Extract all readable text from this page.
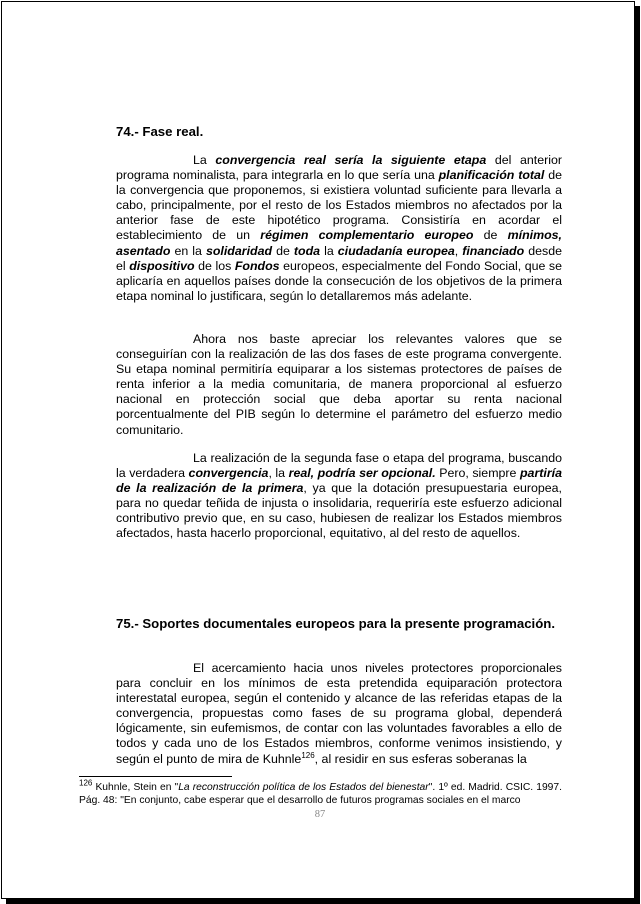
74.- Fase real.
La convergencia real sería la siguiente etapa del anterior programa nominalista, para integrarla en lo que sería una planificación total de la convergencia que proponemos, si existiera voluntad suficiente para llevarla a cabo, principalmente, por el resto de los Estados miembros no afectados por la anterior fase de este hipotético programa. Consistiría en acordar el establecimiento de un régimen complementario europeo de mínimos, asentado en la solidaridad de toda la ciudadanía europea, financiado desde el dispositivo de los Fondos europeos, especialmente del Fondo Social, que se aplicaría en aquellos países donde la consecución de los objetivos de la primera etapa nominal lo justificara, según lo detallaremos más adelante.
Ahora nos baste apreciar los relevantes valores que se conseguirían con la realización de las dos fases de este programa convergente. Su etapa nominal permitiría equiparar a los sistemas protectores de países de renta inferior a la media comunitaria, de manera proporcional al esfuerzo nacional en protección social que deba aportar su renta nacional porcentualmente del PIB según lo determine el parámetro del esfuerzo medio comunitario.
La realización de la segunda fase o etapa del programa, buscando la verdadera convergencia, la real, podría ser opcional. Pero, siempre partiría de la realización de la primera, ya que la dotación presupuestaria europea, para no quedar teñida de injusta o insolidaria, requeriría este esfuerzo adicional contributivo previo que, en su caso, hubiesen de realizar los Estados miembros afectados, hasta hacerlo proporcional, equitativo, al del resto de aquellos.
75.- Soportes documentales europeos para la presente programación.
El acercamiento hacia unos niveles protectores proporcionales para concluir en los mínimos de esta pretendida equiparación protectora interestatal europea, según el contenido y alcance de las referidas etapas de la convergencia, propuestas como fases de su programa global, dependerá lógicamente, sin eufemismos, de contar con las voluntades favorables a ello de todos y cada uno de los Estados miembros, conforme venimos insistiendo, y según el punto de mira de Kuhnle$^{126}$, al residir en sus esferas soberanas la
$^{126}$ Kuhnle, Stein en "La reconstrucción política de los Estados del bienestar". 1º ed. Madrid. CSIC. 1997. Pág. 48: "En conjunto, cabe esperar que el desarrollo de futuros programas sociales en el marco
87
